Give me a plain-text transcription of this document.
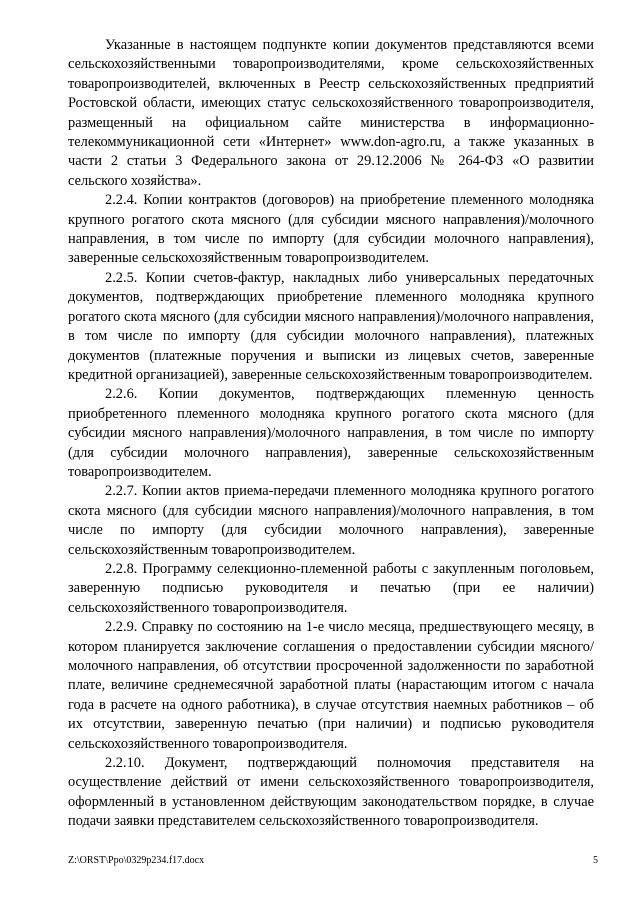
Указанные в настоящем подпункте копии документов представляются всеми сельскохозяйственными товаропроизводителями, кроме сельскохозяйственных товаропроизводителей, включенных в Реестр сельскохозяйственных предприятий Ростовской области, имеющих статус сельскохозяйственного товаропроизводителя, размещенный на официальном сайте министерства в информационно-телекоммуникационной сети «Интернет» www.don-agro.ru, а также указанных в части 2 статьи 3 Федерального закона от 29.12.2006 № 264-ФЗ «О развитии сельского хозяйства».

2.2.4. Копии контрактов (договоров) на приобретение племенного молодняка крупного рогатого скота мясного (для субсидии мясного направления)/молочного направления, в том числе по импорту (для субсидии молочного направления), заверенные сельскохозяйственным товаропроизводителем.

2.2.5. Копии счетов-фактур, накладных либо универсальных передаточных документов, подтверждающих приобретение племенного молодняка крупного рогатого скота мясного (для субсидии мясного направления)/молочного направления, в том числе по импорту (для субсидии молочного направления), платежных документов (платежные поручения и выписки из лицевых счетов, заверенные кредитной организацией), заверенные сельскохозяйственным товаропроизводителем.

2.2.6. Копии документов, подтверждающих племенную ценность приобретенного племенного молодняка крупного рогатого скота мясного (для субсидии мясного направления)/молочного направления, в том числе по импорту (для субсидии молочного направления), заверенные сельскохозяйственным товаропроизводителем.

2.2.7. Копии актов приема-передачи племенного молодняка крупного рогатого скота мясного (для субсидии мясного направления)/молочного направления, в том числе по импорту (для субсидии молочного направления), заверенные сельскохозяйственным товаропроизводителем.

2.2.8. Программу селекционно-племенной работы с закупленным поголовьем, заверенную подписью руководителя и печатью (при ее наличии) сельскохозяйственного товаропроизводителя.

2.2.9. Справку по состоянию на 1-е число месяца, предшествующего месяцу, в котором планируется заключение соглашения о предоставлении субсидии мясного/молочного направления, об отсутствии просроченной задолженности по заработной плате, величине среднемесячной заработной платы (нарастающим итогом с начала года в расчете на одного работника), в случае отсутствия наемных работников – об их отсутствии, заверенную печатью (при наличии) и подписью руководителя сельскохозяйственного товаропроизводителя.

2.2.10. Документ, подтверждающий полномочия представителя на осуществление действий от имени сельскохозяйственного товаропроизводителя, оформленный в установленном действующим законодательством порядке, в случае подачи заявки представителем сельскохозяйственного товаропроизводителя.

Z:\ORST\Ppo\0329p234.f17.docx	5
